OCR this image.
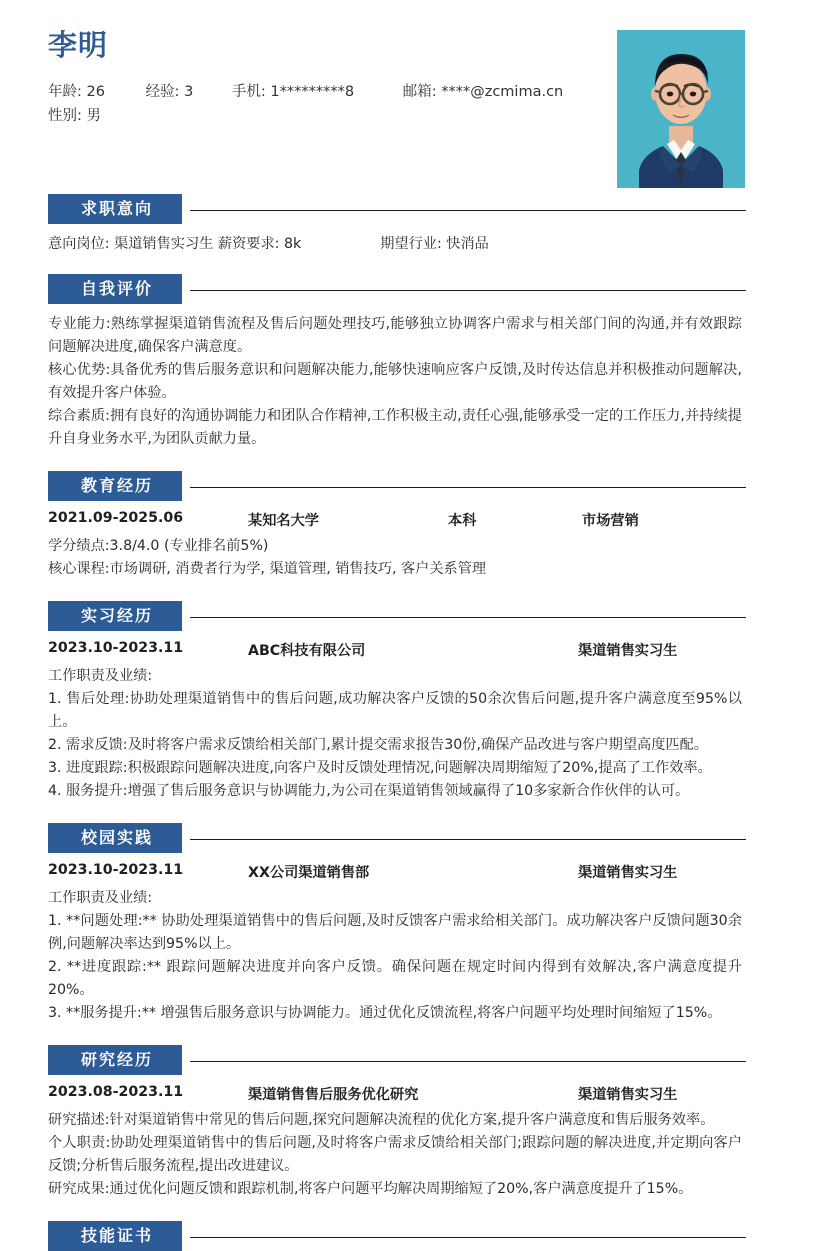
李明
年龄: 26	经验: 3	手机: 1*********8	邮箱: ****@zcmima.cn
性别: 男
求职意向
意向岗位: 渠道销售实习生 薪资要求: 8k	期望行业: 快消品
自我评价

专业能力:熟练掌握渠道销售流程及售后问题处理技巧,能够独立协调客户需求与相关部门间的沟通,并有效跟踪问题解决进度,确保客户满意度。

核心优势:具备优秀的售后服务意识和问题解决能力,能够快速响应客户反馈,及时传达信息并积极推动问题解决,有效提升客户体验。

综合素质:拥有良好的沟通协调能力和团队合作精神,工作积极主动,责任心强,能够承受一定的工作压力,并持续提升自身业务水平,为团队贡献力量。

教育经历
2021.09-2025.06	某知名大学	本科	市场营销

学分绩点:3.8/4.0 (专业排名前5%)

核心课程:市场调研, 消费者行为学, 渠道管理, 销售技巧, 客户关系管理

实习经历
2023.10-2023.11	ABC科技有限公司	渠道销售实习生

工作职责及业绩:

1. 售后处理:协助处理渠道销售中的售后问题,成功解决客户反馈的50余次售后问题,提升客户满意度至95%以上。

2. 需求反馈:及时将客户需求反馈给相关部门,累计提交需求报告30份,确保产品改进与客户期望高度匹配。

3. 进度跟踪:积极跟踪问题解决进度,向客户及时反馈处理情况,问题解决周期缩短了20%,提高了工作效率。

4. 服务提升:增强了售后服务意识与协调能力,为公司在渠道销售领域赢得了10多家新合作伙伴的认可。

校园实践
2023.10-2023.11	XX公司渠道销售部	渠道销售实习生

工作职责及业绩:

1. **问题处理:** 协助处理渠道销售中的售后问题,及时反馈客户需求给相关部门。成功解决客户反馈问题30余例,问题解决率达到95%以上。

2. **进度跟踪:** 跟踪问题解决进度并向客户反馈。确保问题在规定时间内得到有效解决,客户满意度提升20%。

3. **服务提升:** 增强售后服务意识与协调能力。通过优化反馈流程,将客户问题平均处理时间缩短了15%。

研究经历
2023.08-2023.11	渠道销售售后服务优化研究	渠道销售实习生

研究描述:针对渠道销售中常见的售后问题,探究问题解决流程的优化方案,提升客户满意度和售后服务效率。

个人职责:协助处理渠道销售中的售后问题,及时将客户需求反馈给相关部门;跟踪问题的解决进度,并定期向客户反馈;分析售后服务流程,提出改进建议。

研究成果:通过优化问题反馈和跟踪机制,将客户问题平均解决周期缩短了20%,客户满意度提升了15%。

技能证书
